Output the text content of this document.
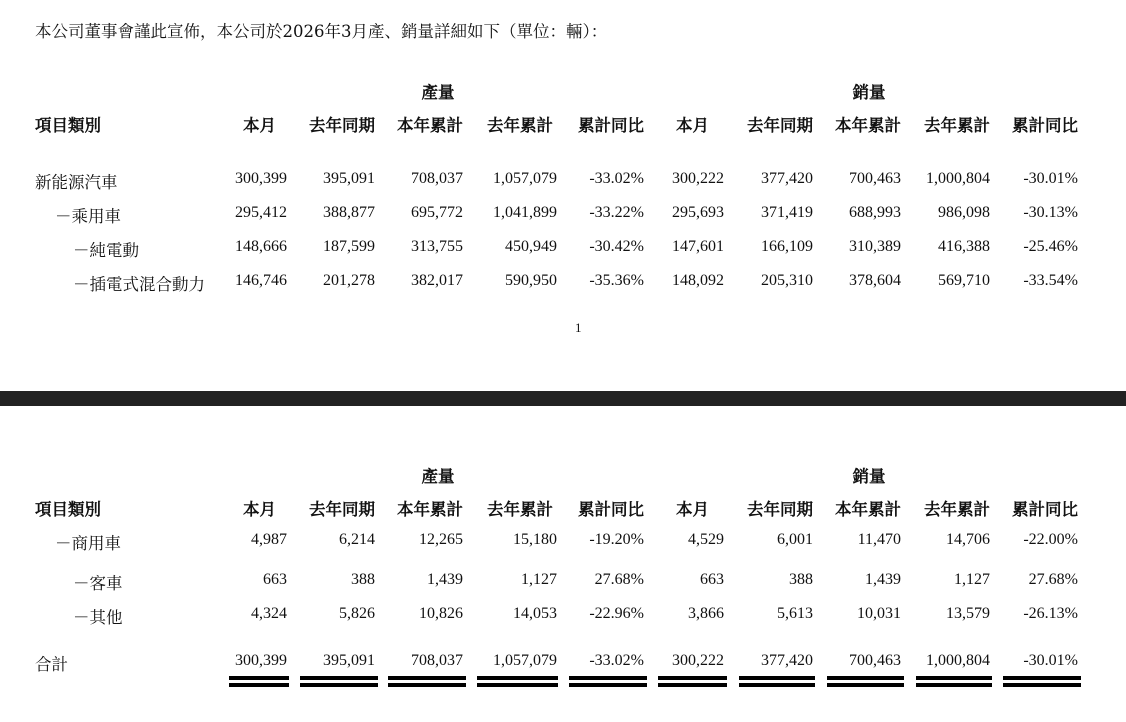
本公司董事會謹此宣佈，本公司於2026年3月產、銷量詳細如下（單位：輛）：
產量	銷量
項目類別	本月 去年同期 本年累計 去年累計 累計同比 本月 去年同期 本年累計 去年累計 累計同比
新能源汽車	300,399 395,091 708,037 1,057,079 -33.02% 300,222 377,420 700,463 1,000,804 -30.01%
－乘用車	295,412 388,877 695,772 1,041,899 -33.22% 295,693 371,419 688,993 986,098 -30.13%
－純電動	148,666 187,599 313,755	450,949 -30.42% 147,601 166,109 310,389 416,388 -25.46%
－插電式混合動力 146,746 201,278 382,017	590,950 -35.36% 148,092 205,310 378,604 569,710 -33.54%
1
產量	銷量
項目類別	本月 去年同期 本年累計 去年累計 累計同比 本月 去年同期 本年累計 去年累計 累計同比
－商用車	4,987	6,214	12,265	15,180 -19.20%	4,529	6,001	11,470	14,706 -22.00%
－客車	663	388	1,439	1,127 27.68%	663	388	1,439	1,127 27.68%
－其他	4,324	5,826	10,826	14,053 -22.96%	3,866	5,613	10,031	13,579 -26.13%
合計	300,399 395,091 708,037 1,057,079 -33.02% 300,222 377,420 700,463 1,000,804 -30.01%
